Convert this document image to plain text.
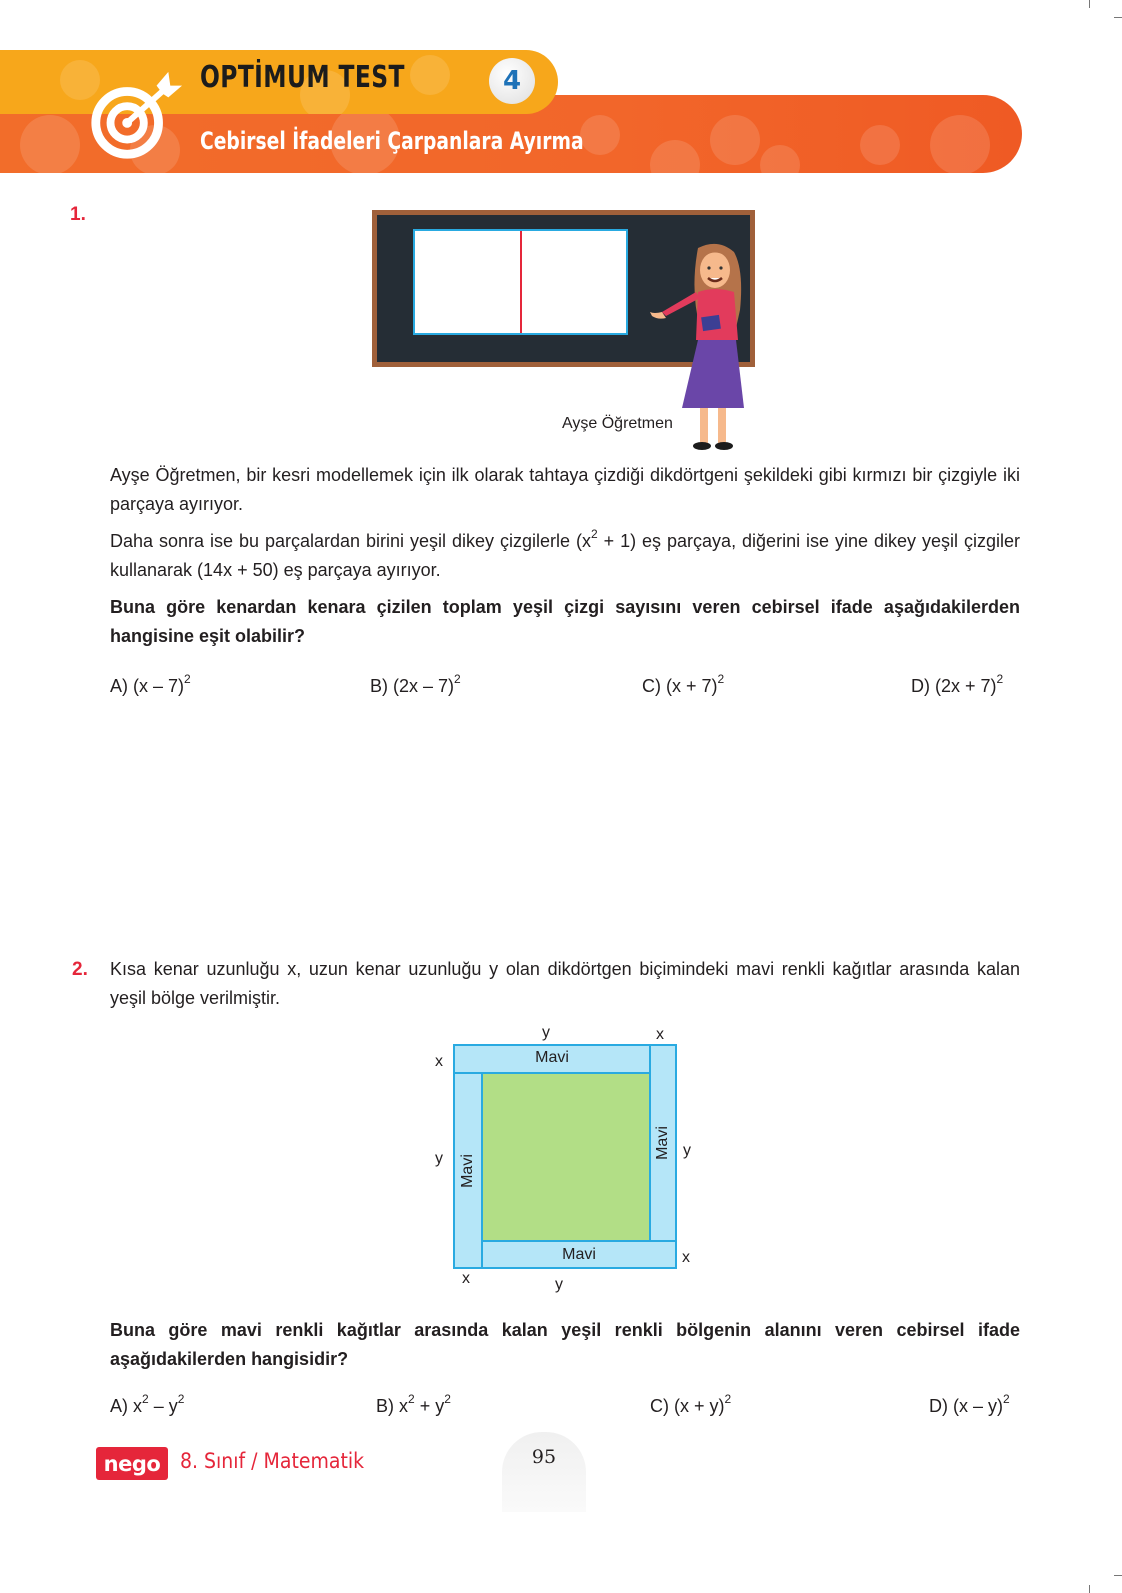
OPTİMUM TEST	4
Cebirsel İfadeleri Çarpanlara Ayırma
1.
Ayşe Öğretmen
Ayşe Öğretmen, bir kesri modellemek için ilk olarak tahtaya çizdiği dikdörtgeni şekildeki gibi kırmızı bir çizgiyle iki parçaya ayırıyor.
Daha sonra ise bu parçalardan birini yeşil dikey çizgilerle $(x^2 + 1)$ eş parçaya, diğerini ise yine dikey yeşil çizgiler kullanarak (14x + 50) eş parçaya ayırıyor.
Buna göre kenardan kenara çizilen toplam yeşil çizgi sayısını veren cebirsel ifade aşağıdakilerden hangisine eşit olabilir?
A) (x – 7)$^2$	B) (2x – 7)$^2$	C) $(x + 7)^2$	D) $(2x + 7)^2$
2. Kısa kenar uzunluğu x, uzun kenar uzunluğu y olan dikdörtgen biçimindeki mavi renkli kağıtlar arasında kalan yeşil bölge verilmiştir.
Mavi
Mavi
Mavi
Mavi
y	x
x
y	y
x
x	y
Buna göre mavi renkli kağıtlar arasında kalan yeşil renkli bölgenin alanını veren cebirsel ifade aşağıdakilerden hangisidir?
A) $x^2 - y^2$	B) $x^2 + y^2$	C) $(x + y)^2$	D) (x – y)$^2$
nego 8. Sınıf / Matematik	95
